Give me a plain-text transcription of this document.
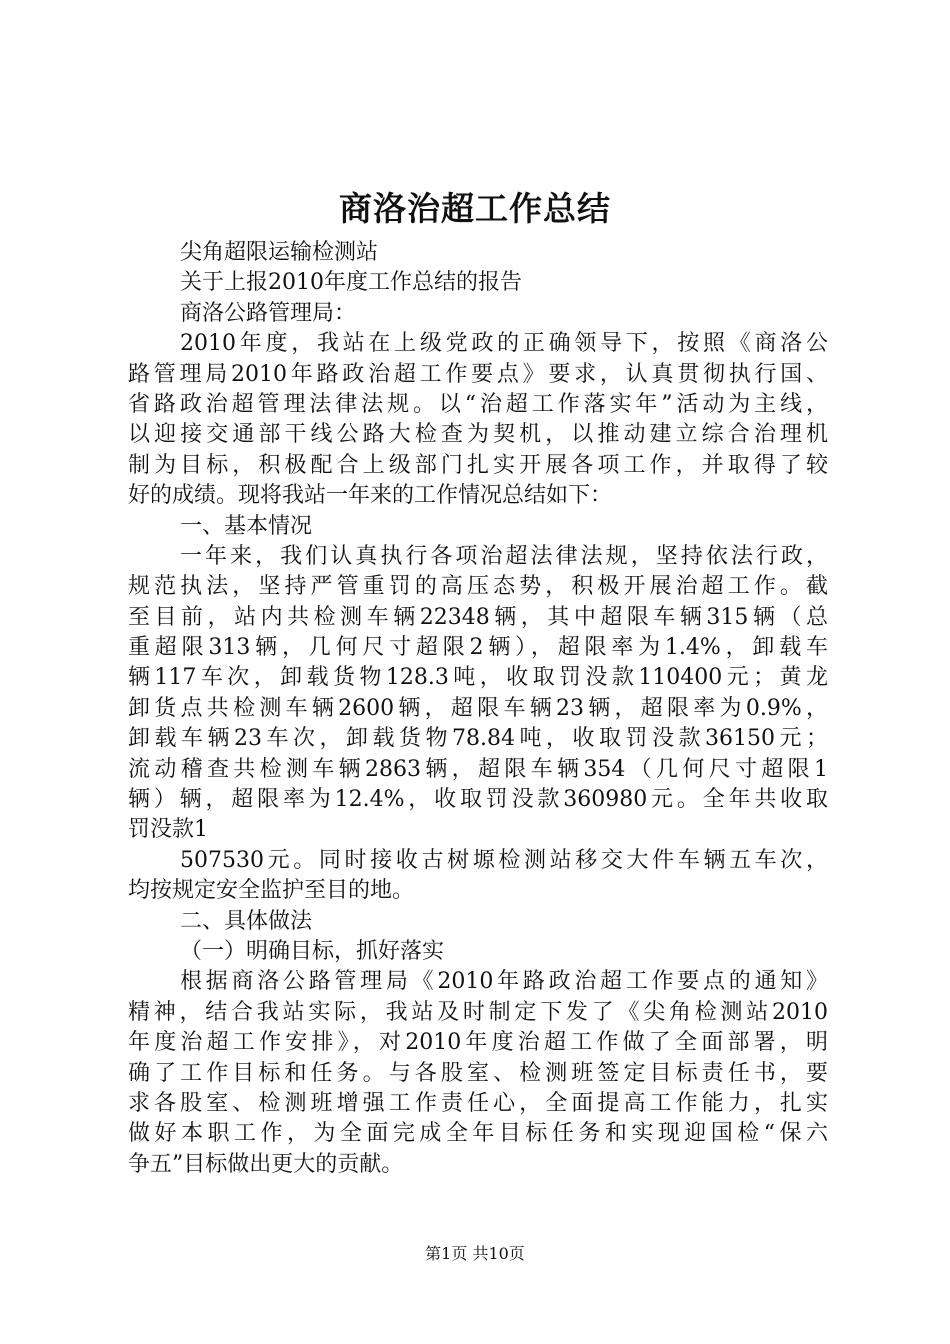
商洛治超工作总结
尖角超限运输检测站
关于上报2010年度工作总结的报告
商洛公路管理局：
2010年度，我站在上级党政的正确领导下，按照《商洛公
路管理局2010年路政治超工作要点》要求，认真贯彻执行国、
省路政治超管理法律法规。以“治超工作落实年”活动为主线，
以迎接交通部干线公路大检查为契机，以推动建立综合治理机
制为目标，积极配合上级部门扎实开展各项工作，并取得了较
好的成绩。现将我站一年来的工作情况总结如下：
一、基本情况
一年来，我们认真执行各项治超法律法规，坚持依法行政，
规范执法，坚持严管重罚的高压态势，积极开展治超工作。截
至目前，站内共检测车辆22348辆，其中超限车辆315辆（总
重超限313辆，几何尺寸超限2辆），超限率为1.4%，卸载车
辆117车次，卸载货物128.3吨，收取罚没款110400元；黄龙
卸货点共检测车辆2600辆，超限车辆23辆，超限率为0.9%，
卸载车辆23车次，卸载货物78.84吨，收取罚没款36150元；
流动稽查共检测车辆2863辆，超限车辆354（几何尺寸超限1
辆）辆，超限率为12.4%，收取罚没款360980元。全年共收取
罚没款1
507530元。同时接收古树塬检测站移交大件车辆五车次，
均按规定安全监护至目的地。
二、具体做法
（一）明确目标，抓好落实
根据商洛公路管理局《2010年路政治超工作要点的通知》
精神，结合我站实际，我站及时制定下发了《尖角检测站2010
年度治超工作安排》，对2010年度治超工作做了全面部署，明
确了工作目标和任务。与各股室、检测班签定目标责任书，要
求各股室、检测班增强工作责任心，全面提高工作能力，扎实
做好本职工作，为全面完成全年目标任务和实现迎国检“保六
争五”目标做出更大的贡献。
第1页 共10页
